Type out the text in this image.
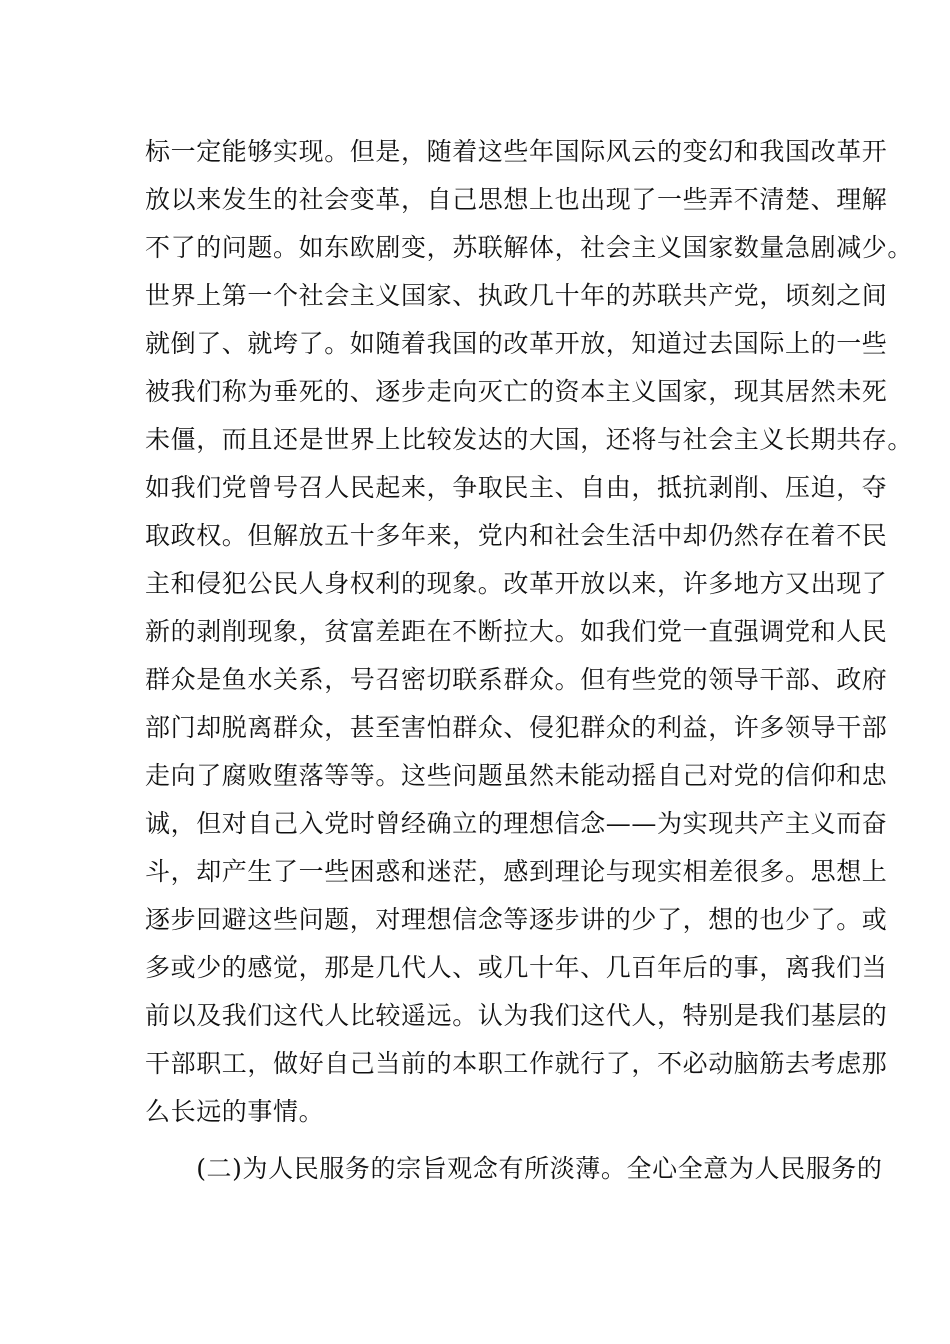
标一定能够实现。但是，随着这些年国际风云的变幻和我国改革开
放以来发生的社会变革，自己思想上也出现了一些弄不清楚、理解
不了的问题。如东欧剧变，苏联解体，社会主义国家数量急剧减少。
世界上第一个社会主义国家、执政几十年的苏联共产党，顷刻之间
就倒了、就垮了。如随着我国的改革开放，知道过去国际上的一些
被我们称为垂死的、逐步走向灭亡的资本主义国家，现其居然未死
未僵，而且还是世界上比较发达的大国，还将与社会主义长期共存。
如我们党曾号召人民起来，争取民主、自由，抵抗剥削、压迫，夺
取政权。但解放五十多年来，党内和社会生活中却仍然存在着不民
主和侵犯公民人身权利的现象。改革开放以来，许多地方又出现了
新的剥削现象，贫富差距在不断拉大。如我们党一直强调党和人民
群众是鱼水关系，号召密切联系群众。但有些党的领导干部、政府
部门却脱离群众，甚至害怕群众、侵犯群众的利益，许多领导干部
走向了腐败堕落等等。这些问题虽然未能动摇自己对党的信仰和忠
诚，但对自己入党时曾经确立的理想信念——为实现共产主义而奋
斗，却产生了一些困惑和迷茫，感到理论与现实相差很多。思想上
逐步回避这些问题，对理想信念等逐步讲的少了，想的也少了。或
多或少的感觉，那是几代人、或几十年、几百年后的事，离我们当
前以及我们这代人比较遥远。认为我们这代人，特别是我们基层的
干部职工，做好自己当前的本职工作就行了，不必动脑筋去考虑那
么长远的事情。
　　(二)为人民服务的宗旨观念有所淡薄。全心全意为人民服务的
